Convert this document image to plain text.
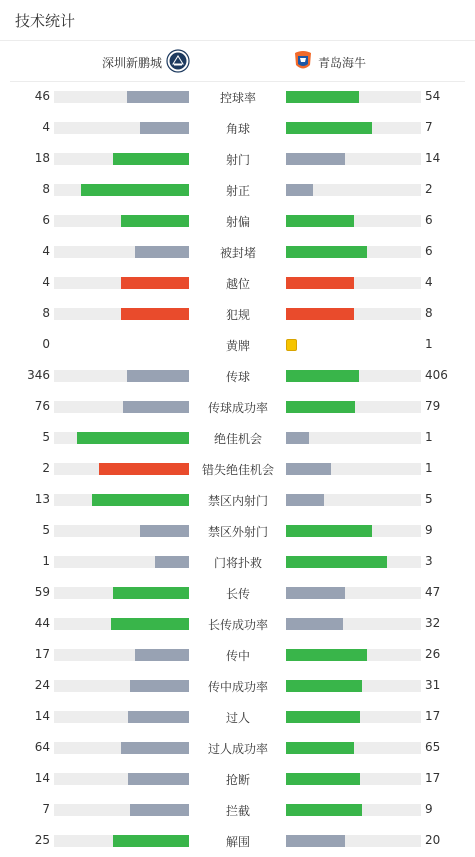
技术统计
深圳新鹏城	青岛海牛
46	控球率	54
4	角球	7
18	射门	14
8	射正	2
6	射偏	6
4	被封堵	6
4	越位	4
8	犯规	8
0	黄牌	1
346	传球	406
76	传球成功率	79
5	绝佳机会	1
2	错失绝佳机会	1
13	禁区内射门	5
5	禁区外射门	9
1	门将扑救	3
59	长传	47
44	长传成功率	32
17	传中	26
24	传中成功率	31
14	过人	17
64	过人成功率	65
14	抢断	17
7	拦截	9
25	解围	20
